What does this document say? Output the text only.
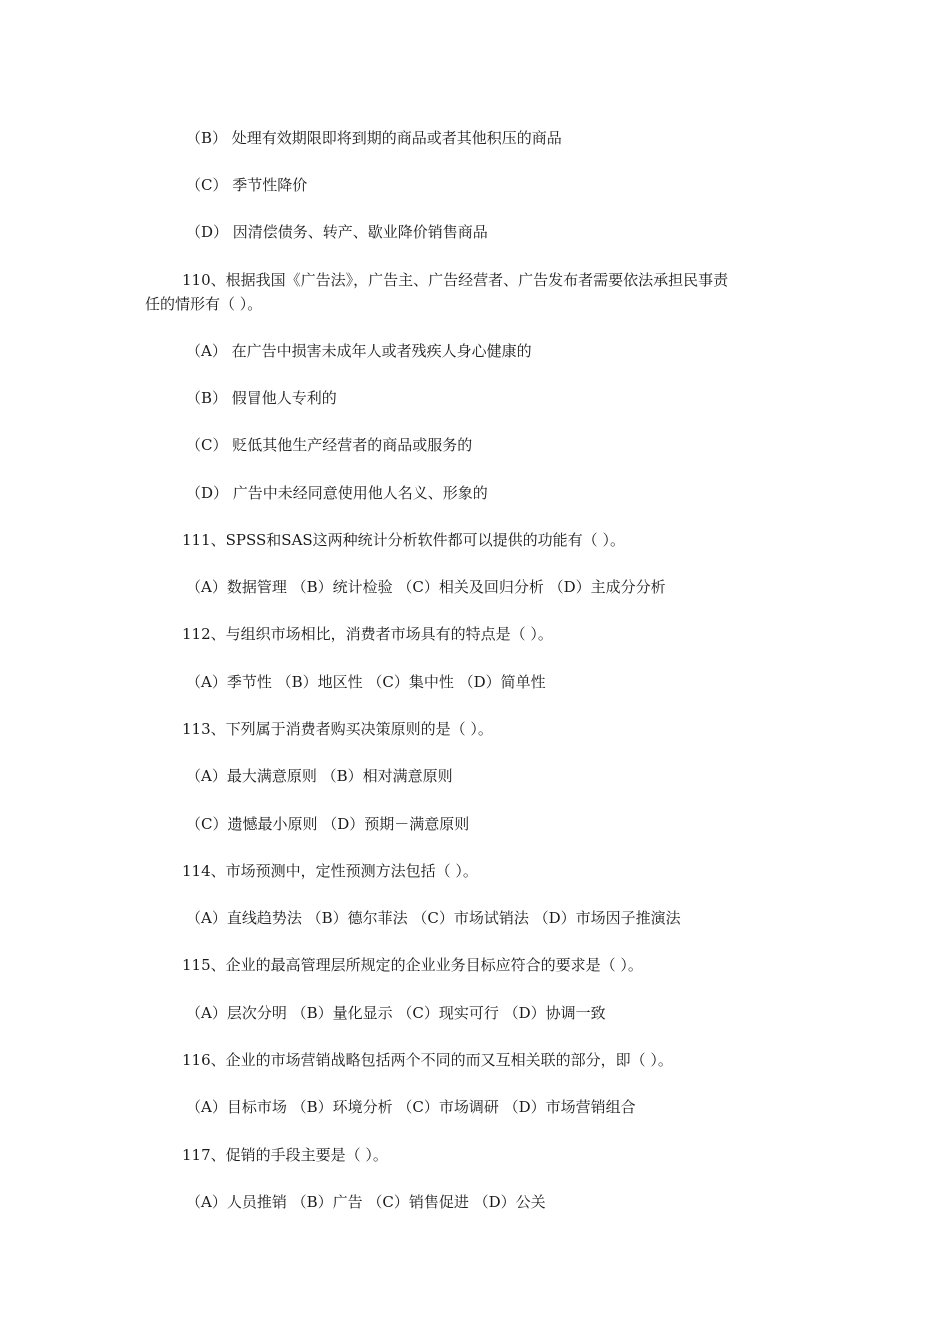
（B） 处理有效期限即将到期的商品或者其他积压的商品
（C） 季节性降价
（D） 因清偿债务、转产、歇业降价销售商品
110、根据我国《广告法》，广告主、广告经营者、广告发布者需要依法承担民事责
任的情形有（ ）。
（A） 在广告中损害未成年人或者残疾人身心健康的
（B） 假冒他人专利的
（C） 贬低其他生产经营者的商品或服务的
（D） 广告中未经同意使用他人名义、形象的
111、SPSS和SAS这两种统计分析软件都可以提供的功能有（ ）。
（A）数据管理 （B）统计检验 （C）相关及回归分析 （D）主成分分析
112、与组织市场相比，消费者市场具有的特点是（ ）。
（A）季节性 （B）地区性 （C）集中性 （D）简单性
113、下列属于消费者购买决策原则的是（ ）。
（A）最大满意原则 （B）相对满意原则
（C）遗憾最小原则 （D）预期－满意原则
114、市场预测中，定性预测方法包括（ ）。
（A）直线趋势法 （B）德尔菲法 （C）市场试销法 （D）市场因子推演法
115、企业的最高管理层所规定的企业业务目标应符合的要求是（ ）。
（A）层次分明 （B）量化显示 （C）现实可行 （D）协调一致
116、企业的市场营销战略包括两个不同的而又互相关联的部分，即（ ）。
（A）目标市场 （B）环境分析 （C）市场调研 （D）市场营销组合
117、促销的手段主要是（ ）。
（A）人员推销 （B）广告 （C）销售促进 （D）公关
